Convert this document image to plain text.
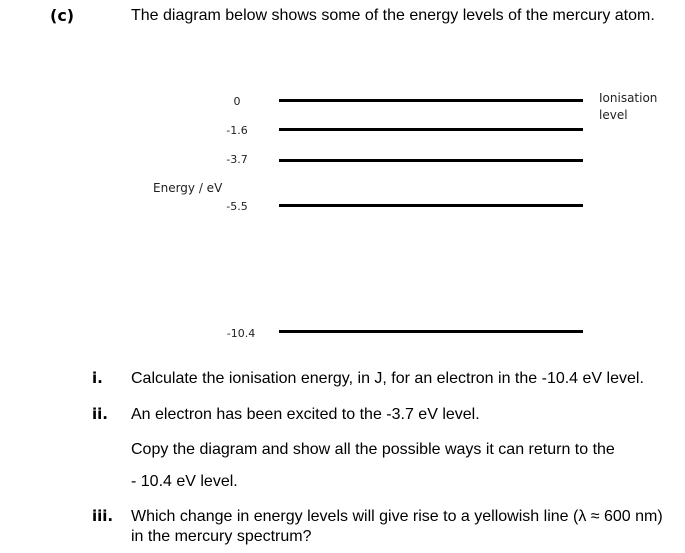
(c)	The diagram below shows some of the energy levels of the mercury atom.
0
-1.6
-3.7
Energy / eV
-5.5
-10.4
Ionisation level
i. Calculate the ionisation energy, in J, for an electron in the -10.4 eV level.
ii. An electron has been excited to the -3.7 eV level.
Copy the diagram and show all the possible ways it can return to the
- 10.4 eV level.
iii. Which change in energy levels will give rise to a yellowish line (λ ≈ 600 nm) in the mercury spectrum?
